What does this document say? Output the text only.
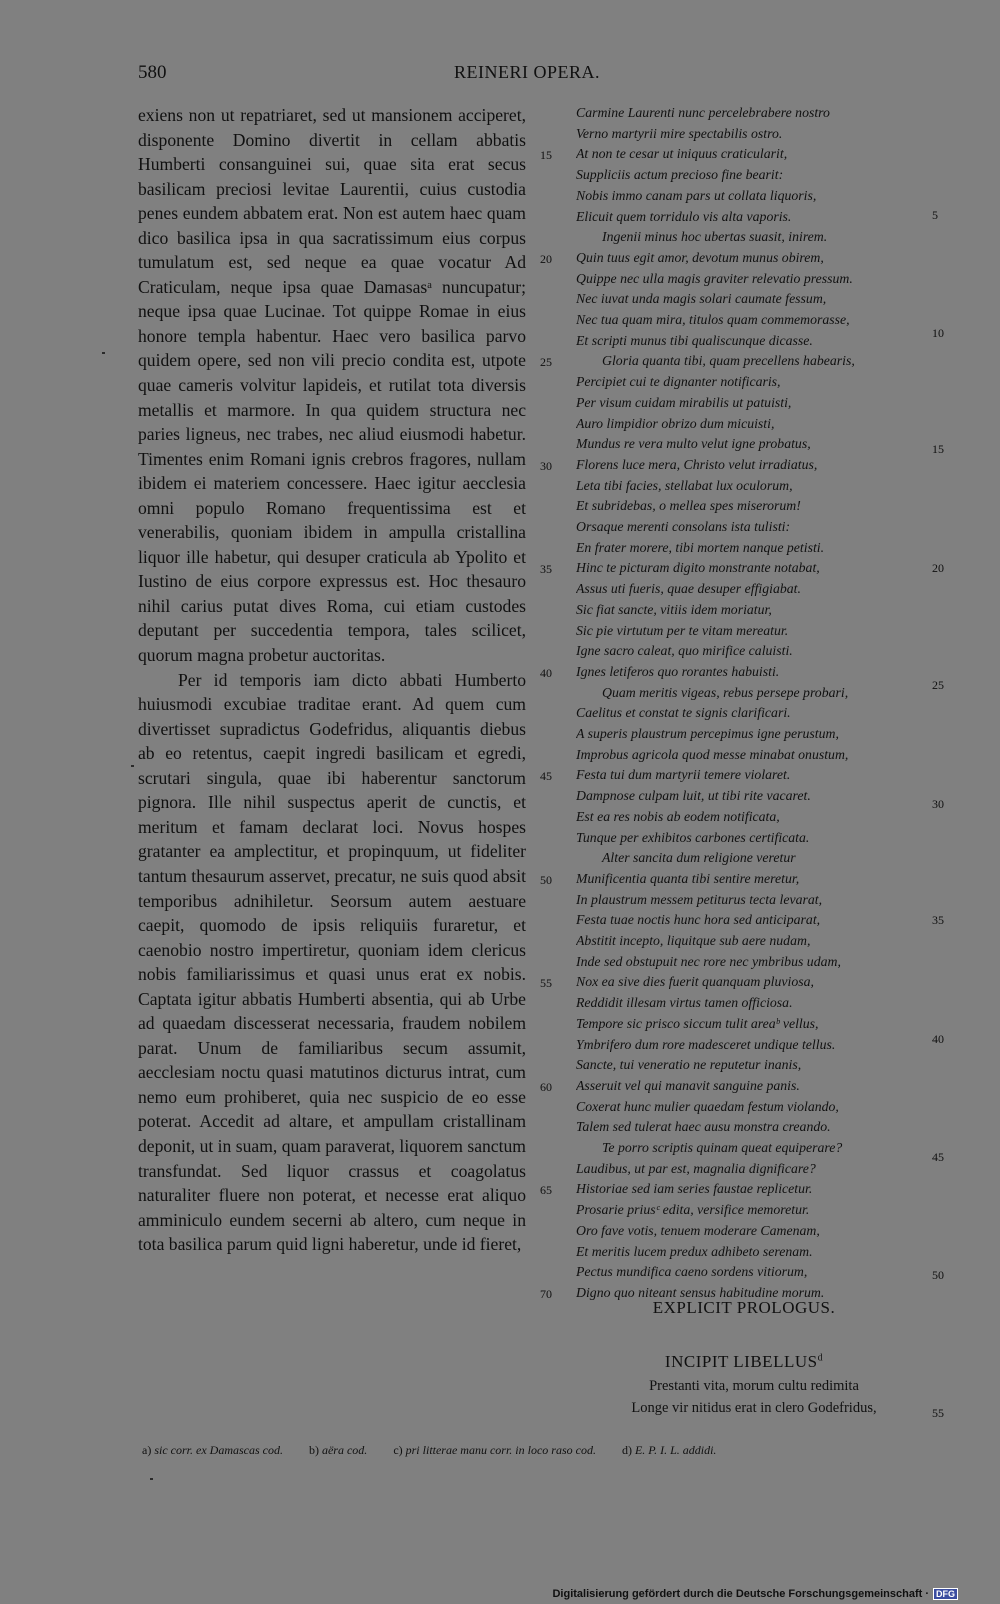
580	REINERI OPERA.

exiens non ut repatriaret, sed ut mansionem acciperet, disponente Domino divertit in cellam abbatis Humberti consanguinei sui, quae sita erat secus basilicam preciosi levitae Laurentii, cuius custodia penes eundem abbatem erat. Non est autem haec quam dico basilica ipsa in qua sacratissimum eius corpus tumulatum est, sed neque ea quae vocatur Ad Craticulam, neque ipsa quae Damasasᵃ nuncupatur; neque ipsa quae Lucinae. Tot quippe Romae in eius honore templa habentur. Haec vero basilica parvo quidem opere, sed non vili precio condita est, utpote quae cameris volvitur lapideis, et rutilat tota diversis metallis et marmore. In qua quidem structura nec paries ligneus, nec trabes, nec aliud eiusmodi habetur. Timentes enim Romani ignis crebros fragores, nullam ibidem ei materiem concessere. Haec igitur aecclesia omni populo Romano frequentissima est et venerabilis, quoniam ibidem in ampulla cristallina liquor ille habetur, qui desuper craticula ab Ypolito et Iustino de eius corpore expressus est. Hoc thesauro nihil carius putat dives Roma, cui etiam custodes deputant per succedentia tempora, tales scilicet, quorum magna probetur auctoritas.

Per id temporis iam dicto abbati Humberto huiusmodi excubiae traditae erant. Ad quem cum divertisset supradictus Godefridus, aliquantis diebus ab eo retentus, caepit ingredi basilicam et egredi, scrutari singula, quae ibi haberentur sanctorum pignora. Ille nihil suspectus aperit de cunctis, et meritum et famam declarat loci. Novus hospes gratanter ea amplectitur, et propinquum, ut fideliter tantum thesaurum asservet, precatur, ne suis quod absit temporibus adnihiletur. Seorsum autem aestuare caepit, quomodo de ipsis reliquiis furaretur, et caenobio nostro impertiretur, quoniam idem clericus nobis familiarissimus et quasi unus erat ex nobis. Captata igitur abbatis Humberti absentia, qui ab Urbe ad quaedam discesserat necessaria, fraudem nobilem parat. Unum de familiaribus secum assumit, aecclesiam noctu quasi matutinos dicturus intrat, cum nemo eum prohiberet, quia nec suspicio de eo esse poterat. Accedit ad altare, et ampullam cristallinam deponit, ut in suam, quam paraverat, liquorem sanctum transfundat. Sed liquor crassus et coagolatus naturaliter fluere non poterat, et necesse erat aliquo amminiculo eundem secerni ab altero, cum neque in tota basilica parum quid ligni haberetur, unde id fieret,

Carmine Laurenti nunc percelebrabere nostro
Verno martyrii mire spectabilis ostro.
At non te cesar ut iniquus craticularit,
Suppliciis actum precioso fine bearit:
Nobis immo canam pars ut collata liquoris,
Elicuit quem torridulo vis alta vaporis.
Ingenii minus hoc ubertas suasit, inirem.
Quin tuus egit amor, devotum munus obirem,
Quippe nec ulla magis graviter relevatio pressum.
Nec iuvat unda magis solari caumate fessum,
Nec tua quam mira, titulos quam commemorasse,
Et scripti munus tibi qualiscunque dicasse.
Gloria quanta tibi, quam precellens habearis,
Percipiet cui te dignanter notificaris,
Per visum cuidam mirabilis ut patuisti,
Auro limpidior obrizo dum micuisti,
Mundus re vera multo velut igne probatus,
Florens luce mera, Christo velut irradiatus,
Leta tibi facies, stellabat lux oculorum,
Et subridebas, o mellea spes miserorum!
Orsaque merenti consolans ista tulisti:
En frater morere, tibi mortem nanque petisti.
Hinc te picturam digito monstrante notabat,
Assus uti fueris, quae desuper effigiabat.
Sic fiat sancte, vitiis idem moriatur,
Sic pie virtutum per te vitam mereatur.
Igne sacro caleat, quo mirifice caluisti.
Ignes letiferos quo rorantes habuisti.
Quam meritis vigeas, rebus persepe probari,
Caelitus et constat te signis clarificari.
A superis plaustrum percepimus igne perustum,
Improbus agricola quod messe minabat onustum,
Festa tui dum martyrii temere violaret.
Dampnose culpam luit, ut tibi rite vacaret.
Est ea res nobis ab eodem notificata,
Tunque per exhibitos carbones certificata.
Alter sancita dum religione veretur
Munificentia quanta tibi sentire meretur,
In plaustrum messem petiturus tecta levarat,
Festa tuae noctis hunc hora sed anticiparat,
Abstitit incepto, liquitque sub aere nudam,
Inde sed obstupuit nec rore nec ymbribus udam,
Nox ea sive dies fuerit quanquam pluviosa,
Reddidit illesam virtus tamen officiosa.
Tempore sic prisco siccum tulit areaᵇ vellus,
Ymbrifero dum rore madesceret undique tellus.
Sancte, tui veneratio ne reputetur inanis,
Asseruit vel qui manavit sanguine panis.
Coxerat hunc mulier quaedam festum violando,
Talem sed tulerat haec ausu monstra creando.
Te porro scriptis quinam queat equiperare?
Laudibus, ut par est, magnalia dignificare?
Historiae sed iam series faustae replicetur.
Prosarie priusᶜ edita, versifice memoretur.
Oro fave votis, tenuem moderare Camenam,
Et meritis lucem predux adhibeto serenam.
Pectus mundifica caeno sordens vitiorum,
Digno quo niteant sensus habitudine morum.
15
20
25
30
35
40
45
50
55
60
65
70
5
10
15
20
25
30
35
40
45
50
EXPLICIT PROLOGUS.
INCIPIT LIBELLUS$^d$
Prestanti vita, morum cultu redimita
Longe vir nitidus erat in clero Godefridus,	55
a) sic corr. ex Damascas cod. b) aëra cod. c) pri litterae manu corr. in loco raso cod. d) E. P. I. L. addidi.
Digitalisierung gefördert durch die Deutsche Forschungsgemeinschaft · DFG
